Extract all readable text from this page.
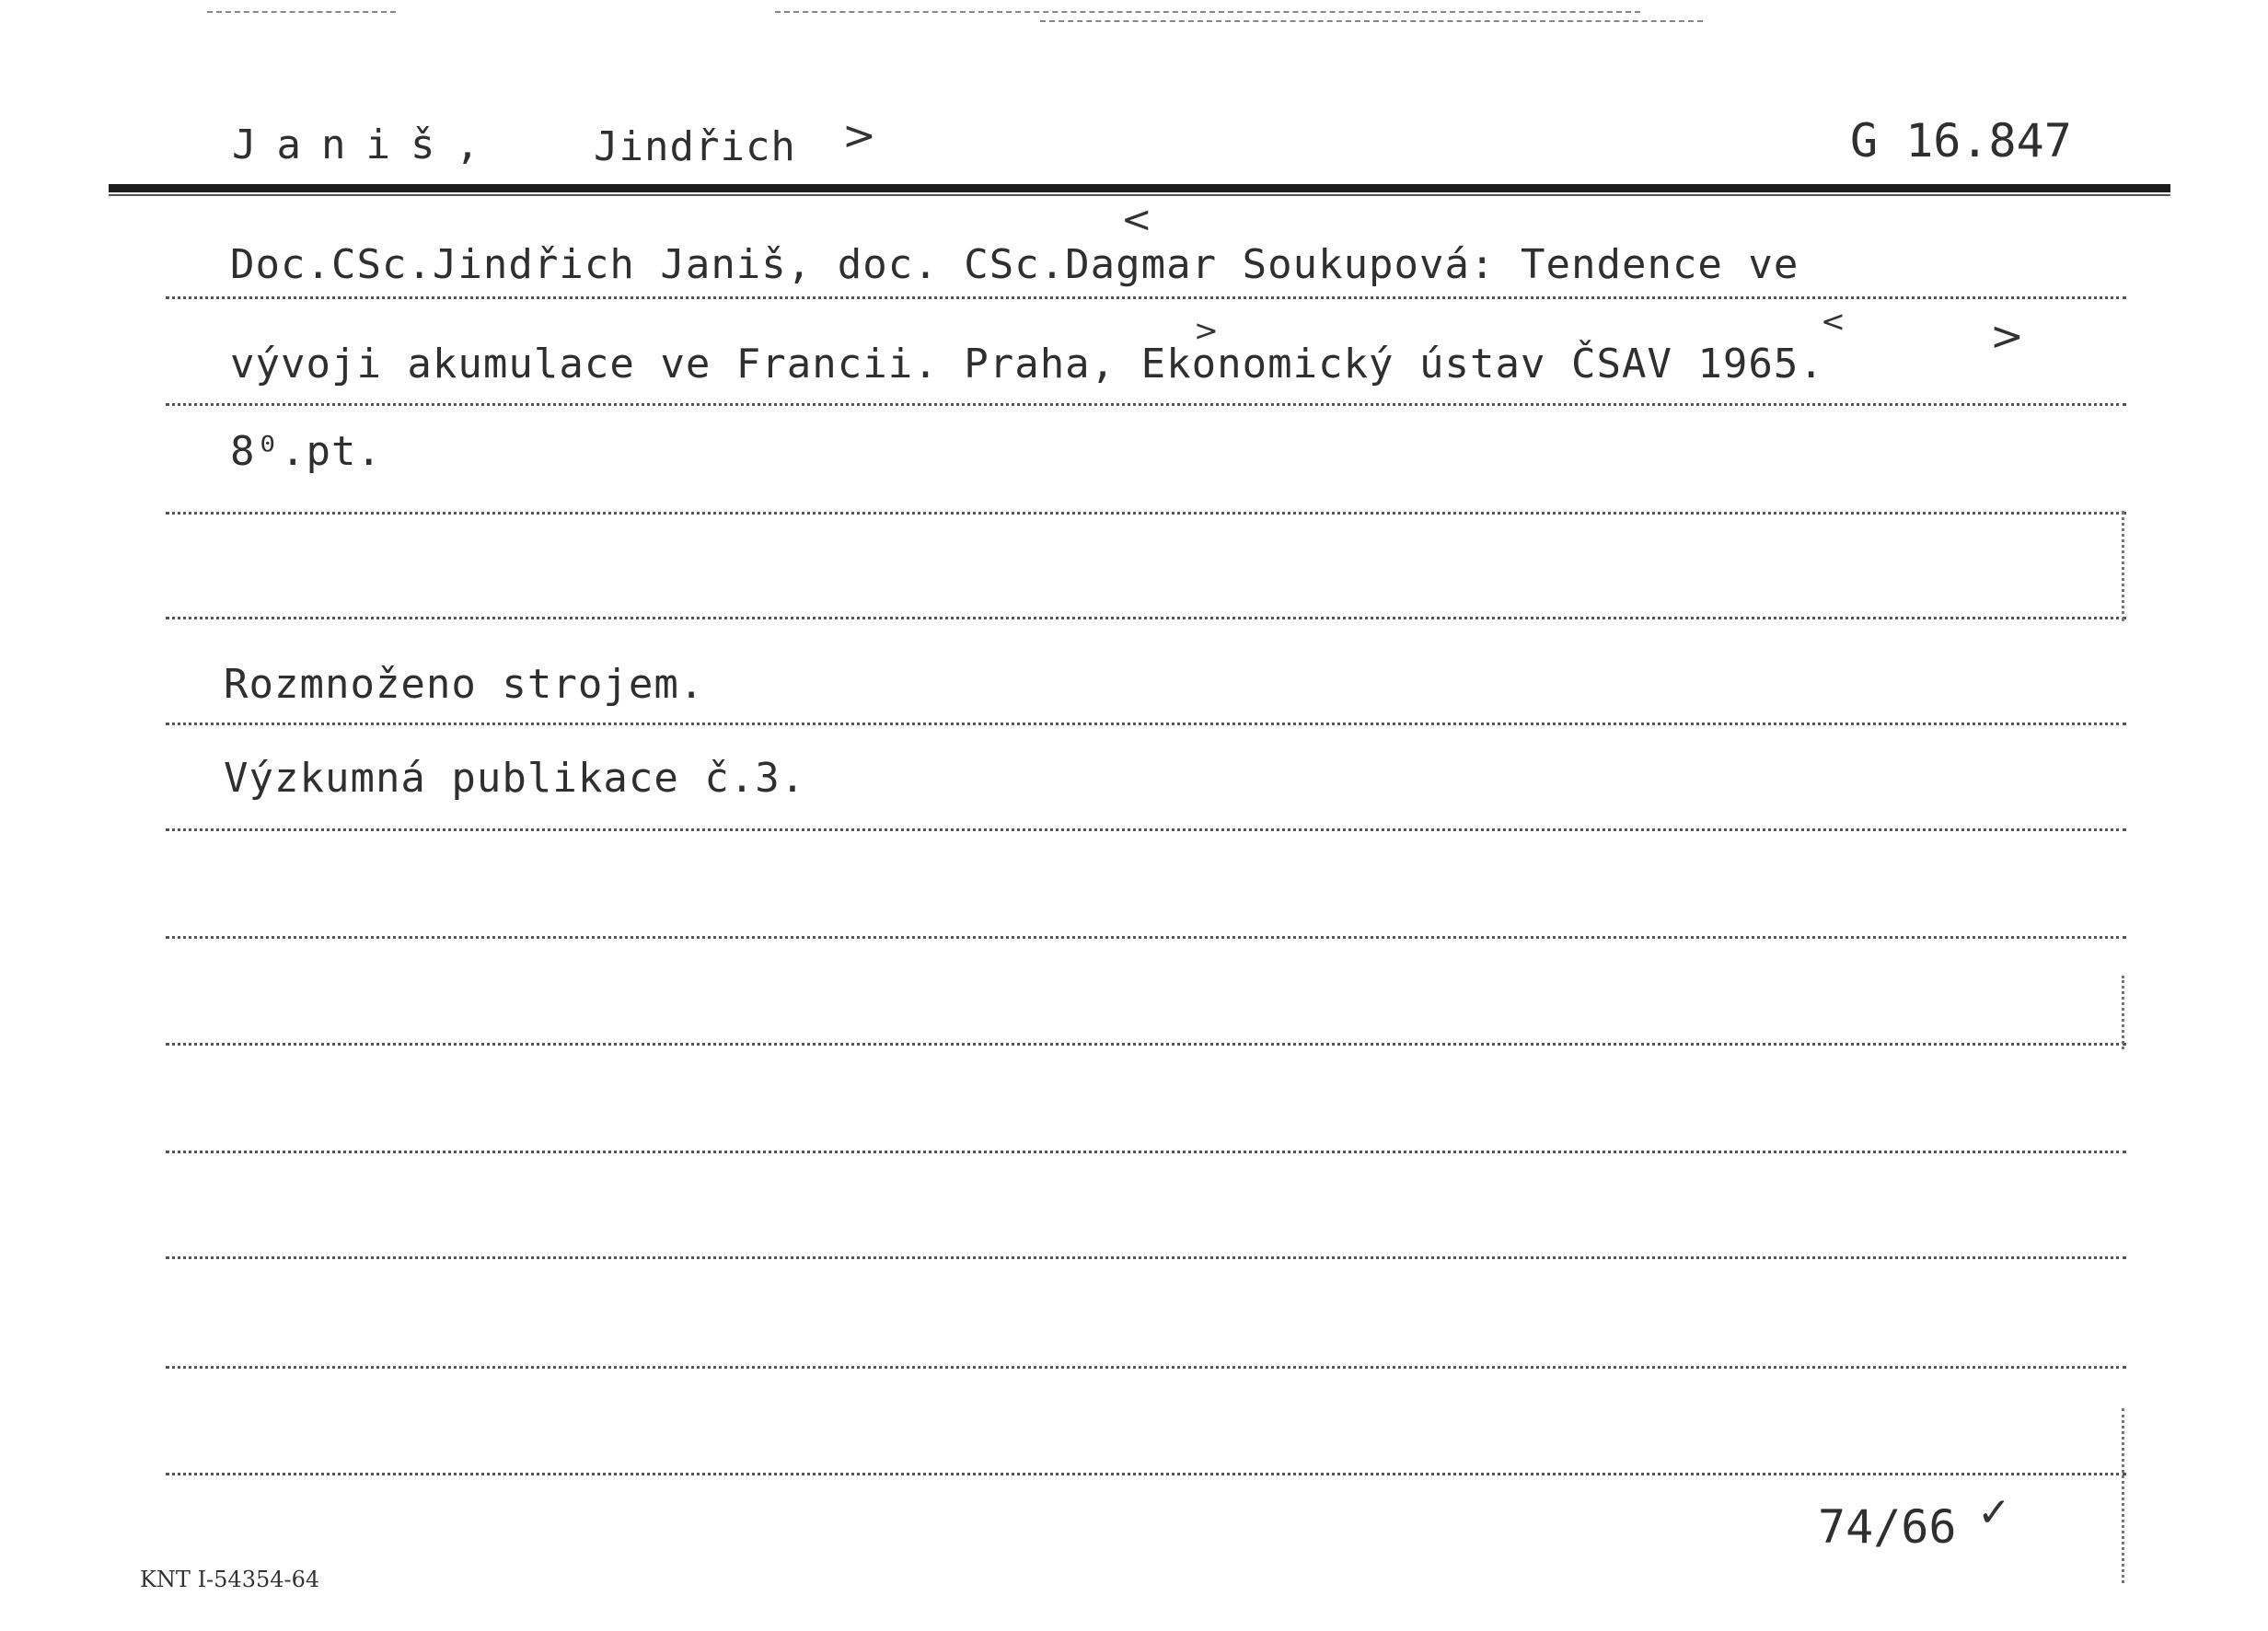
Janiš, Jindřich >	G 16.847
<
>	<	>
Doc.CSc.Jindřich Janiš, doc. CSc.Dagmar Soukupová: Tendence ve
vývoji akumulace ve Francii. Praha, Ekonomický ústav ČSAV 1965.
8⁰.pt.
Rozmnoženo strojem.
Výzkumná publikace č.3.
74/66 ✓
KNT I-54354-64
